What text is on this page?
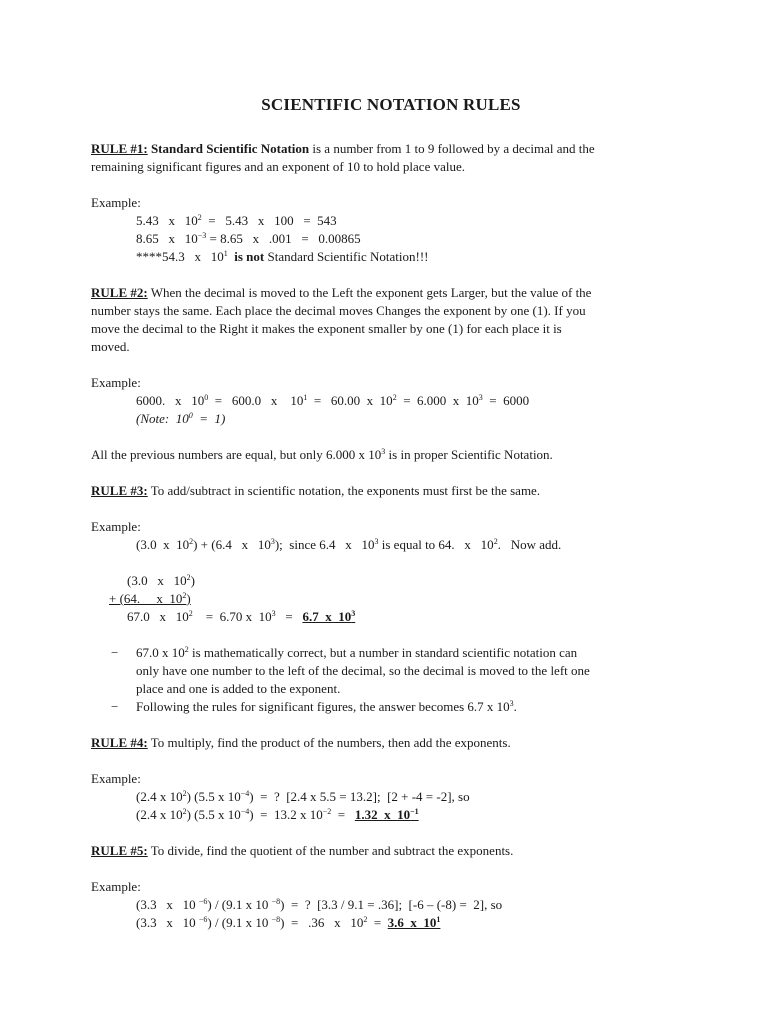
SCIENTIFIC NOTATION RULES

RULE #1: Standard Scientific Notation is a number from 1 to 9 followed by a decimal and the

remaining significant figures and an exponent of 10 to hold place value.

Example:

5.43   x   $10^2 = 5.43$   x   100   =  543

8.65   x   $10^{-3} = 8.65$   x   .001   =   0.00865

****54.3   x   $10^1$  is not Standard Scientific Notation!!!

RULE #2: When the decimal is moved to the Left the exponent gets Larger, but the value of the

number stays the same. Each place the decimal moves Changes the exponent by one (1). If you

move the decimal to the Right it makes the exponent smaller by one (1) for each place it is

moved.

Example:

6000.   x   $10^0 = 600.0$   x    $10^1 = 60.00$  x  $10^2 = 6.000$  x  $10^3 = 6000$

(Note:  $10^0 = 1$)

All the previous numbers are equal, but only 6.000 x $10^3$ is in proper Scientific Notation.

RULE #3: To add/subtract in scientific notation, the exponents must first be the same.

Example:

(3.0  x  $10^2) + (6.4$   x   $10^3$);  since 6.4   x   $10^3$ is equal to 64.   x   $10^2$.   Now add.

(3.0   x   $10^2$)

+ (64.     x  $10^2$)

67.0   x   $10^2$    =  6.70 x  $10^3 = 6.7$  x  $10^3$

− 67.0 x $10^2$ is mathematically correct, but a number in standard scientific notation can

only have one number to the left of the decimal, so the decimal is moved to the left one

place and one is added to the exponent.

− Following the rules for significant figures, the answer becomes 6.7 x $10^3$.

RULE #4: To multiply, find the product of the numbers, then add the exponents.

Example:

(2.4 x $10^2$) (5.5 x $10^{-4}$)  =  ?  [2.4 x 5.5 = 13.2];  [2 + -4 = -2], so

(2.4 x $10^2$) (5.5 x $10^{-4}) = 13.2$ x $10^{-2} = 1.32$  x  $10^{-1}$

RULE #5: To divide, find the quotient of the number and subtract the exponents.

Example:

(3.3   x   10 $^{-6}$) / (9.1 x 10 $^{-8}$)  =  ?  [3.3 / 9.1 = .36];  [-6 – (-8) =  2], so

(3.3   x   10 $^{-6}$) / (9.1 x 10 $^{-8}$)  =   .36   x   $10^2 = 3.6$  x  $10^1$
